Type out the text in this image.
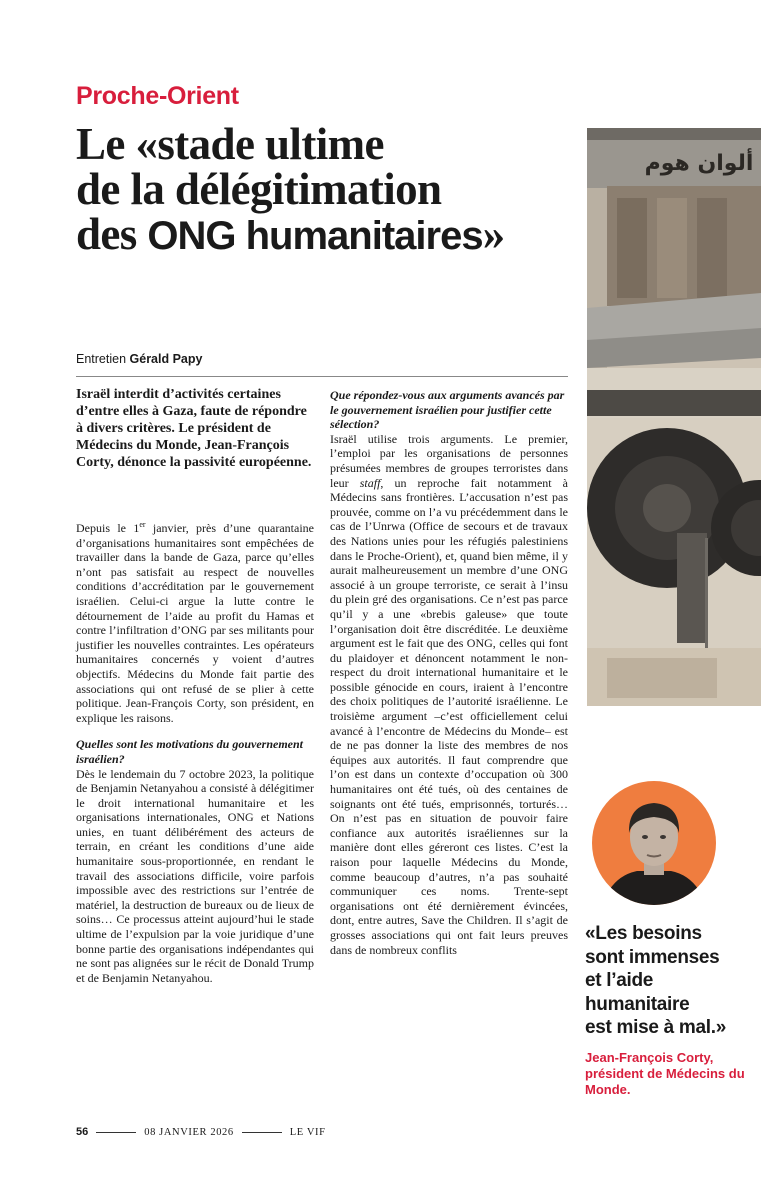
Proche-Orient
Le «stade ultime
de la délégitimation
des ONG humanitaires»
ألوان هوم
Entretien Gérald Papy
Israël interdit d’activités certaines d’entre elles à Gaza, faute de répondre à divers critères. Le président de Médecins du Monde, Jean-François Corty, dénonce la passivité européenne.

Depuis le 1er janvier, près d’une quarantaine d’organisations humanitaires sont empêchées de travailler dans la bande de Gaza, parce qu’elles n’ont pas satisfait au respect de nouvelles conditions d’accréditation par le gouvernement israélien. Celui-ci argue la lutte contre le détournement de l’aide au profit du Hamas et contre l’infiltration d’ONG par ses militants pour justifier les nouvelles contraintes. Les opérateurs humanitaires concernés y voient d’autres objectifs. Médecins du Monde fait partie des associations qui ont refusé de se plier à cette politique. Jean-François Corty, son président, en explique les raisons.

Quelles sont les motivations du gouvernement israélien?

Dès le lendemain du 7 octobre 2023, la politique de Benjamin Netanyahou a consisté à délégitimer le droit international humanitaire et les organisations internationales, ONG et Nations unies, en tuant délibérément des acteurs de terrain, en créant les conditions d’une aide humanitaire sous-proportionnée, en rendant le travail des associations difficile, voire parfois impossible avec des restrictions sur l’entrée de matériel, la destruction de bureaux ou de lieux de soins… Ce processus atteint aujourd’hui le stade ultime de l’expulsion par la voie juridique d’une bonne partie des organisations indépendantes qui ne sont pas alignées sur le récit de Donald Trump et de Benjamin Netanyahou.

Que répondez-vous aux arguments avancés par le gouvernement israélien pour justifier cette sélection?

Israël utilise trois arguments. Le premier, l’emploi par les organisations de personnes présumées membres de groupes terroristes dans leur staff, un reproche fait notamment à Médecins sans frontières. L’accusation n’est pas prouvée, comme on l’a vu précédemment dans le cas de l’Unrwa (Office de secours et de travaux des Nations unies pour les réfugiés palestiniens dans le Proche-Orient), et, quand bien même, il y aurait malheureusement un membre d’une ONG associé à un groupe terroriste, ce serait à l’insu du plein gré des organisations. Ce n’est pas parce qu’il y a une «brebis galeuse» que toute l’organisation doit être discréditée. Le deuxième argument est le fait que des ONG, celles qui font du plaidoyer et dénoncent notamment le non-respect du droit international humanitaire et le possible génocide en cours, iraient à l’encontre des choix politiques de l’autorité israélienne. Le troisième argument –c’est officiellement celui avancé à l’encontre de Médecins du Monde– est de ne pas donner la liste des membres de nos équipes aux autorités. Il faut comprendre que l’on est dans un contexte d’occupation où 300 humanitaires ont été tués, où des centaines de soignants ont été tués, emprisonnés, torturés… On n’est pas en situation de pouvoir faire confiance aux autorités israéliennes sur la manière dont elles géreront ces listes. C’est la raison pour laquelle Médecins du Monde, comme beaucoup d’autres, n’a pas souhaité communiquer ces noms. Trente-sept organisations ont été dernièrement évincées, dont, entre autres, Save the Children. Il s’agit de grosses associations qui ont fait leurs preuves dans de nombreux conflits

«Les besoins
sont immenses
et l’aide
humanitaire
est mise à mal.»
Jean-François Corty, président de Médecins du Monde.
56	08 JANVIER 2026	LE VIF
